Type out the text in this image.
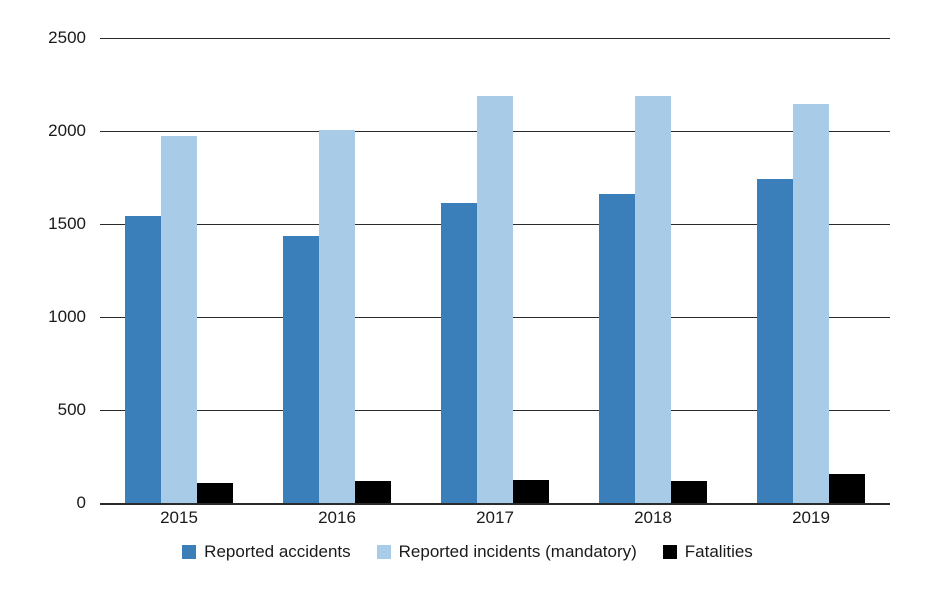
2500
2000
1500
1000
500
0
2015	2016	2017	2018	2019
Reported accidents	Reported incidents (mandatory)	Fatalities
